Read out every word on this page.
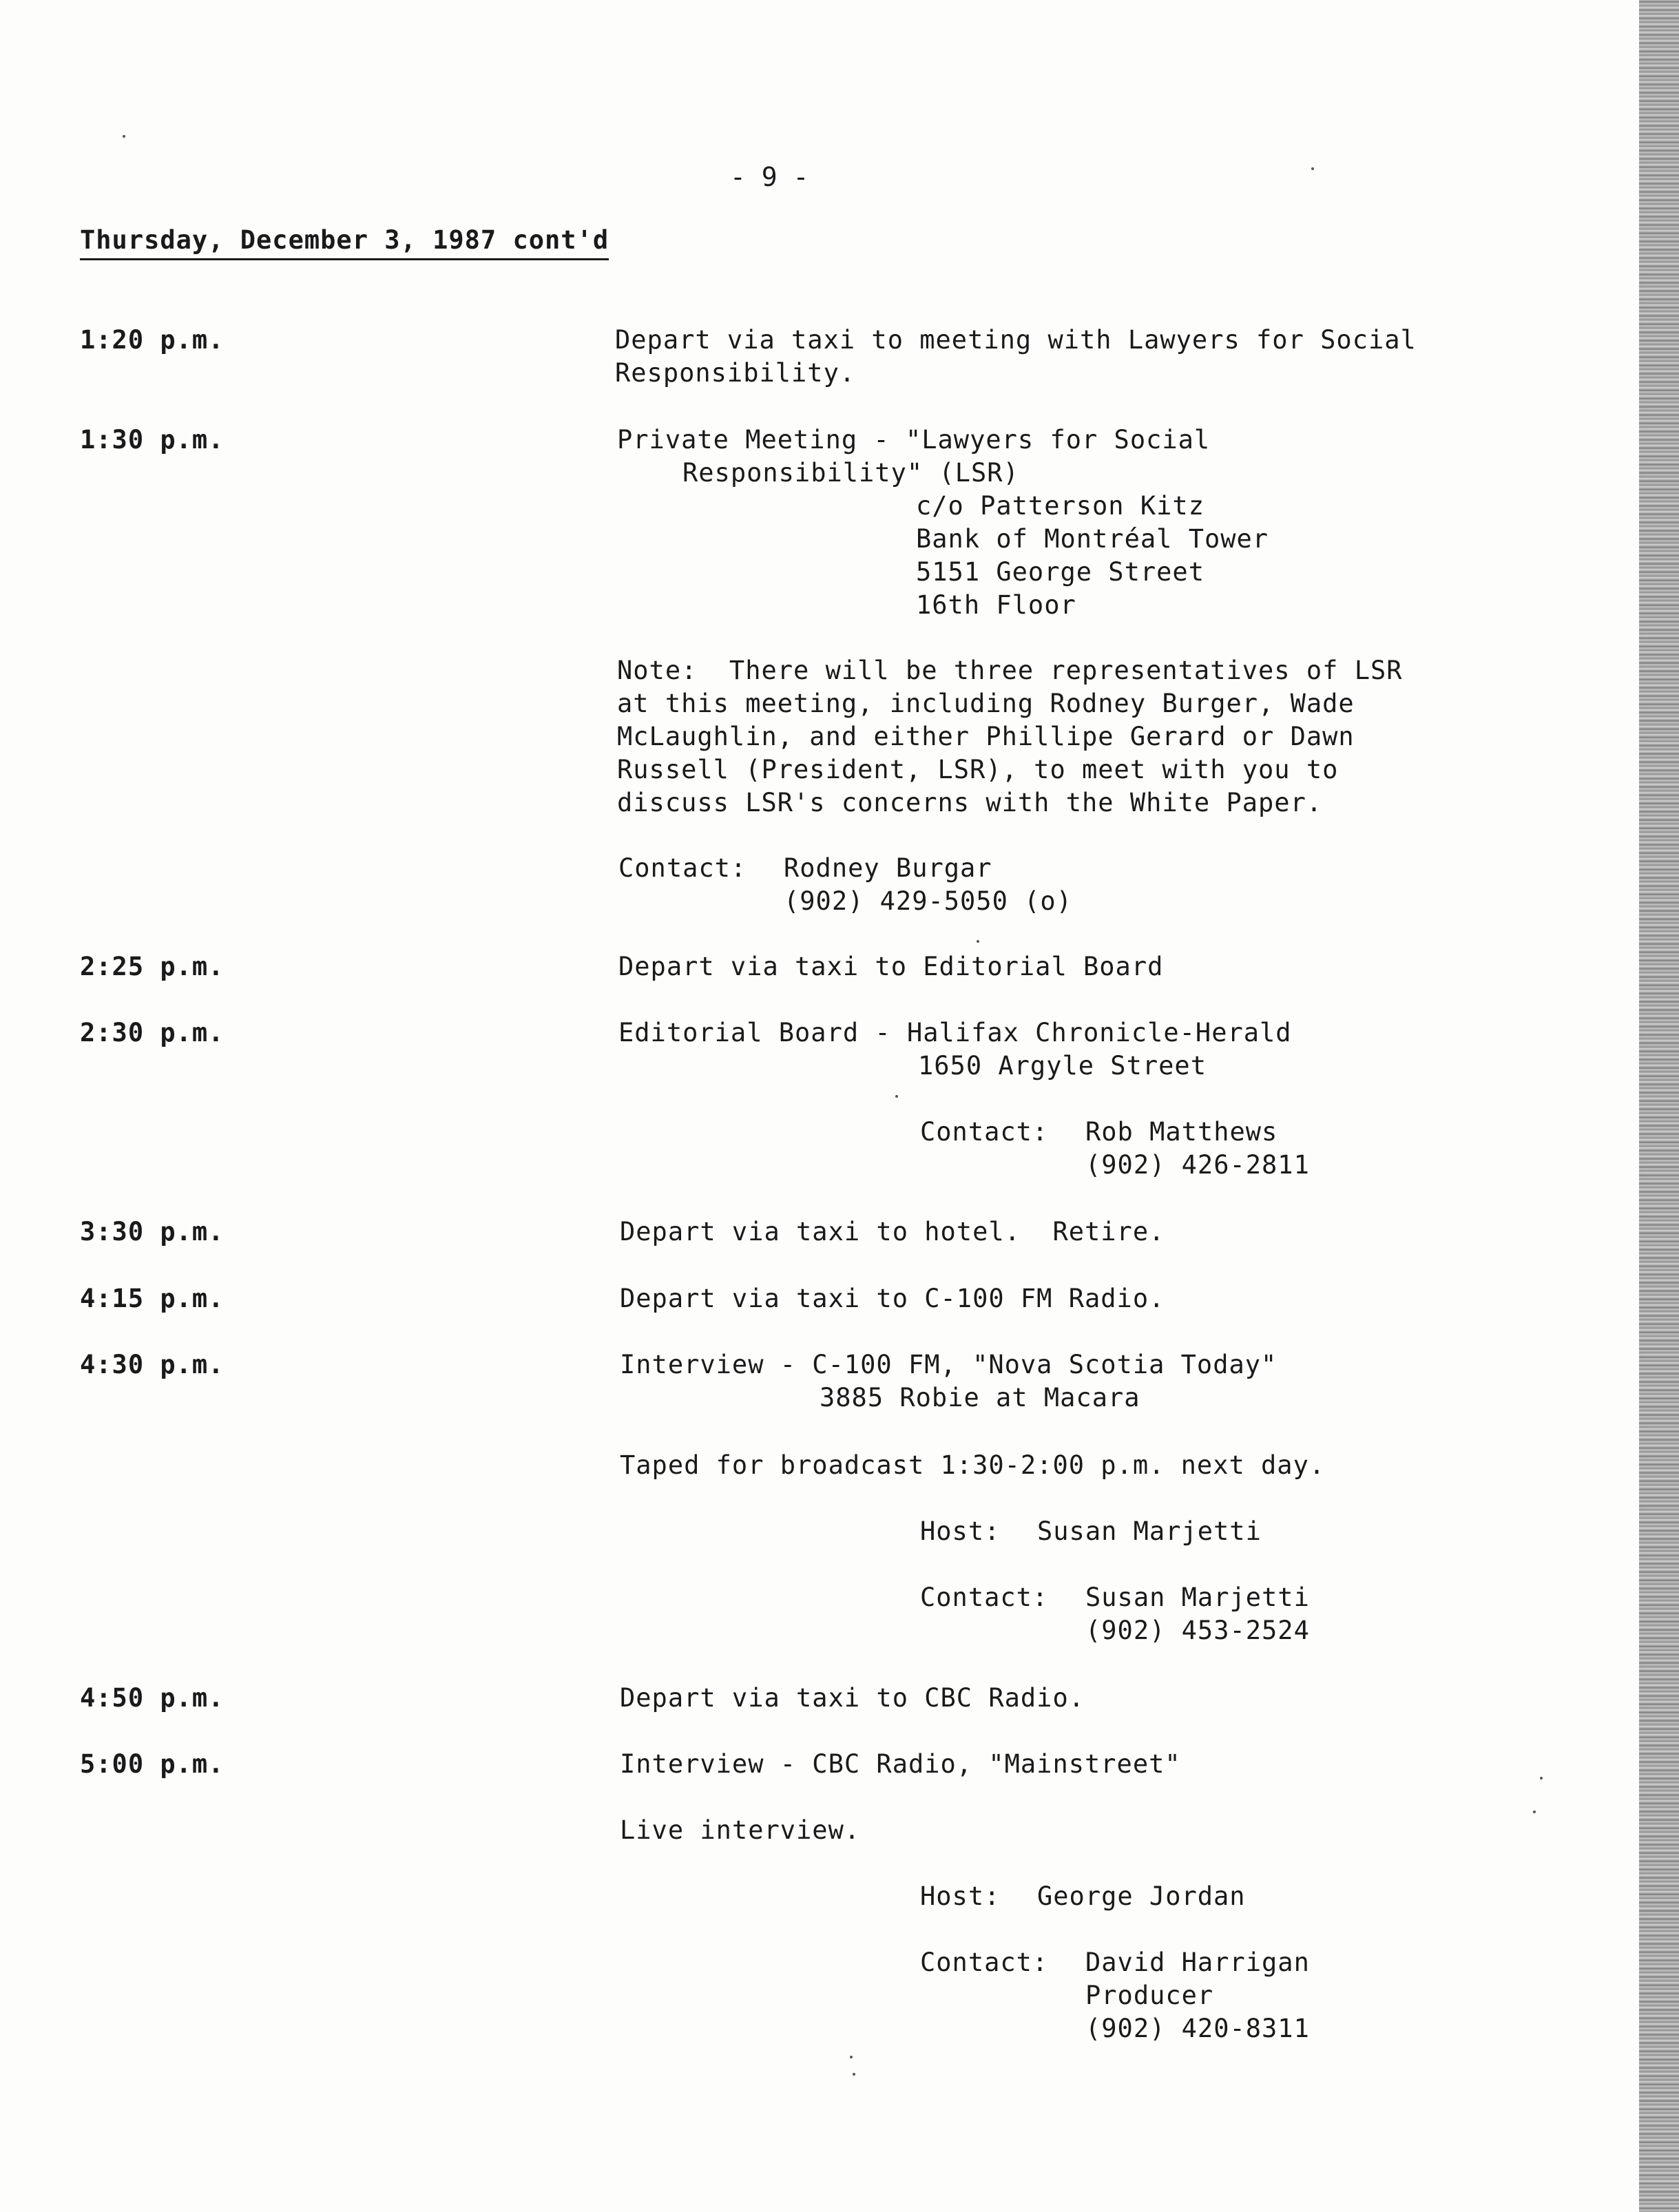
- 9 -
Thursday, December 3, 1987 cont'd
1:20 p.m.	Depart via taxi to meeting with Lawyers for Social
Responsibility.
1:30 p.m.	Private Meeting - "Lawyers for Social
Responsibility" (LSR)
c/o Patterson Kitz
Bank of Montréal Tower
5151 George Street
16th Floor
Note:  There will be three representatives of LSR
at this meeting, including Rodney Burger, Wade
McLaughlin, and either Phillipe Gerard or Dawn
Russell (President, LSR), to meet with you to
discuss LSR's concerns with the White Paper.
Contact: Rodney Burgar
(902) 429-5050 (o)
2:25 p.m.	Depart via taxi to Editorial Board
2:30 p.m.	Editorial Board - Halifax Chronicle-Herald
1650 Argyle Street
Contact: Rob Matthews
(902) 426-2811
3:30 p.m.	Depart via taxi to hotel.  Retire.
4:15 p.m.	Depart via taxi to C-100 FM Radio.
4:30 p.m.	Interview - C-100 FM, "Nova Scotia Today"
3885 Robie at Macara
Taped for broadcast 1:30-2:00 p.m. next day.
Host: Susan Marjetti
Contact: Susan Marjetti
(902) 453-2524
4:50 p.m.	Depart via taxi to CBC Radio.
5:00 p.m.	Interview - CBC Radio, "Mainstreet"
Live interview.
Host: George Jordan
Contact: David Harrigan
Producer
(902) 420-8311
